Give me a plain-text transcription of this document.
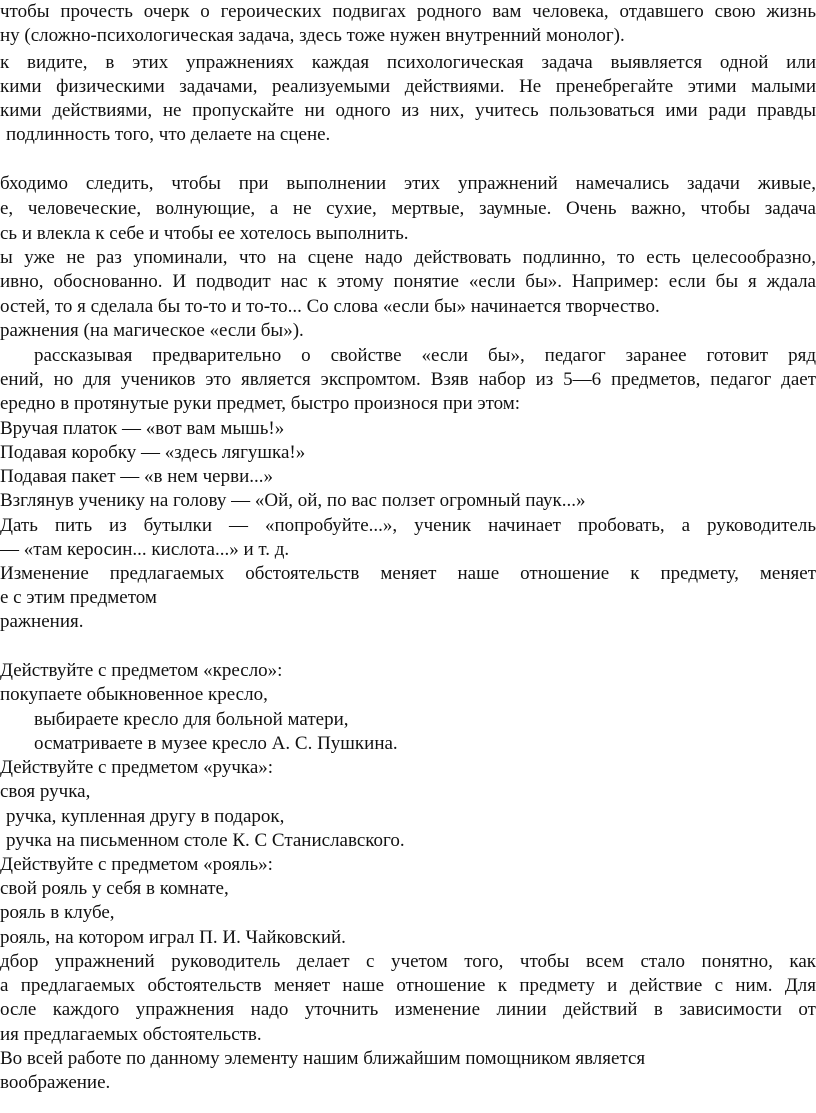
чтобы прочесть очерк о героических подвигах родного вам человека, отдавшего свою жизнь
ну (сложно-психологическая задача, здесь тоже нужен внутренний монолог).
к видите, в этих упражнениях каждая психологическая задача выявляется одной или
кими физическими задачами, реализуемыми действиями. Не пренебрегайте этими малыми
кими действиями, не пропускайте ни одного из них, учитесь пользоваться ими ради правды
подлинность того, что делаете на сцене.
бходимо следить, чтобы при выполнении этих упражнений намечались задачи живые,
е, человеческие, волнующие, а не сухие, мертвые, заумные. Очень важно, чтобы задача
сь и влекла к себе и чтобы ее хотелось выполнить.
ы уже не раз упоминали, что на сцене надо действовать подлинно, то есть целесообразно,
ивно, обоснованно. И подводит нас к этому понятие «если бы». Например: если бы я ждала
остей, то я сделала бы то-то и то-то... Со слова «если бы» начинается творчество.
ражнения (на магическое «если бы»).
рассказывая предварительно о свойстве «если бы», педагог заранее готовит ряд
ений, но для учеников это является экспромтом. Взяв набор из 5—6 предметов, педагог дает
ередно в протянутые руки предмет, быстро произнося при этом:
Вручая платок — «вот вам мышь!»
Подавая коробку — «здесь лягушка!»
Подавая пакет — «в нем черви...»
Взглянув ученику на голову — «Ой, ой, по вас ползет огромный паук...»
Дать пить из бутылки — «попробуйте...», ученик начинает пробовать, а руководитель
— «там керосин... кислота...» и т. д.
Изменение предлагаемых обстоятельств меняет наше отношение к предмету, меняет
е с этим предметом
ражнения.
Действуйте с предметом «кресло»:
покупаете обыкновенное кресло,
выбираете кресло для больной матери,
осматриваете в музее кресло А. С. Пушкина.
Действуйте с предметом «ручка»:
своя ручка,
ручка, купленная другу в подарок,
ручка на письменном столе К. С Станиславского.
Действуйте с предметом «рояль»:
свой рояль у себя в комнате,
рояль в клубе,
рояль, на котором играл П. И. Чайковский.
дбор упражнений руководитель делает с учетом того, чтобы всем стало понятно, как
а предлагаемых обстоятельств меняет наше отношение к предмету и действие с ним. Для
осле каждого упражнения надо уточнить изменение линии действий в зависимости от
ия предлагаемых обстоятельств.
Во всей работе по данному элементу нашим ближайшим помощником является
воображение.
